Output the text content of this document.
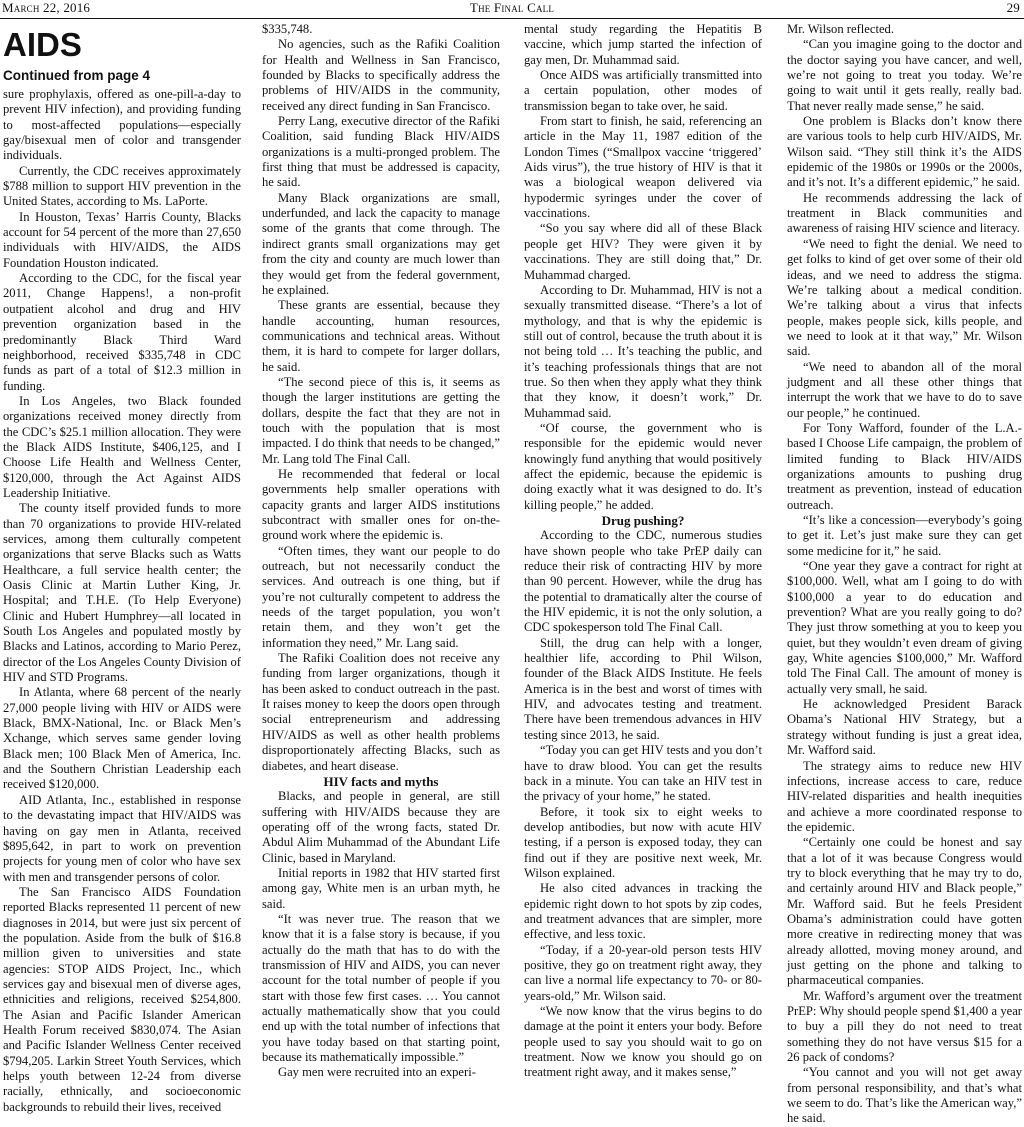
March 22, 2016	The Final Call	29
AIDS
Continued from page 4

sure prophylaxis, offered as one-pill-a-day to prevent HIV infection), and providing funding to most-affected populations—especially gay/bisexual men of color and transgender individuals.

Currently, the CDC receives approximately $788 million to support HIV prevention in the United States, according to Ms. LaPorte.

In Houston, Texas’ Harris County, Blacks account for 54 percent of the more than 27,650 individuals with HIV/AIDS, the AIDS Foundation Houston indicated.

According to the CDC, for the fiscal year 2011, Change Happens!, a non-profit outpatient alcohol and drug and HIV prevention organization based in the predominantly Black Third Ward neighborhood, received $335,748 in CDC funds as part of a total of $12.3 million in funding.

In Los Angeles, two Black founded organizations received money directly from the CDC’s $25.1 million allocation. They were the Black AIDS Institute, $406,125, and I Choose Life Health and Wellness Center, $120,000, through the Act Against AIDS Leadership Initiative.

The county itself provided funds to more than 70 organizations to provide HIV-related services, among them culturally competent organizations that serve Blacks such as Watts Healthcare, a full service health center; the Oasis Clinic at Martin Luther King, Jr. Hospital; and T.H.E. (To Help Everyone) Clinic and Hubert Humphrey—all located in South Los Angeles and populated mostly by Blacks and Latinos, according to Mario Perez, director of the Los Angeles County Division of HIV and STD Programs.

In Atlanta, where 68 percent of the nearly 27,000 people living with HIV or AIDS were Black, BMX-National, Inc. or Black Men’s Xchange, which serves same gender loving Black men; 100 Black Men of America, Inc. and the Southern Christian Leadership each received $120,000.

AID Atlanta, Inc., established in response to the devastating impact that HIV/AIDS was having on gay men in Atlanta, received $895,642, in part to work on prevention projects for young men of color who have sex with men and transgender persons of color.

The San Francisco AIDS Foundation reported Blacks represented 11 percent of new diagnoses in 2014, but were just six percent of the population. Aside from the bulk of $16.8 million given to universities and state agencies: STOP AIDS Project, Inc., which services gay and bisexual men of diverse ages, ethnicities and religions, received $254,800. The Asian and Pacific Islander American Health Forum received $830,074. The Asian and Pacific Islander Wellness Center received $794,205. Larkin Street Youth Services, which helps youth between 12-24 from diverse racially, ethnically, and socioeconomic backgrounds to rebuild their lives, received

$335,748.

No agencies, such as the Rafiki Coalition for Health and Wellness in San Francisco, founded by Blacks to specifically address the problems of HIV/AIDS in the community, received any direct funding in San Francisco.

Perry Lang, executive director of the Rafiki Coalition, said funding Black HIV/AIDS organizations is a multi-pronged problem. The first thing that must be addressed is capacity, he said.

Many Black organizations are small, underfunded, and lack the capacity to manage some of the grants that come through. The indirect grants small organizations may get from the city and county are much lower than they would get from the federal government, he explained.

These grants are essential, because they handle accounting, human resources, communications and technical areas. Without them, it is hard to compete for larger dollars, he said.

“The second piece of this is, it seems as though the larger institutions are getting the dollars, despite the fact that they are not in touch with the population that is most impacted. I do think that needs to be changed,” Mr. Lang told The Final Call.

He recommended that federal or local governments help smaller operations with capacity grants and larger AIDS institutions subcontract with smaller ones for on-the-ground work where the epidemic is.

“Often times, they want our people to do outreach, but not necessarily conduct the services. And outreach is one thing, but if you’re not culturally competent to address the needs of the target population, you won’t retain them, and they won’t get the information they need,” Mr. Lang said.

The Rafiki Coalition does not receive any funding from larger organizations, though it has been asked to conduct outreach in the past. It raises money to keep the doors open through social entrepreneurism and addressing HIV/AIDS as well as other health problems disproportionately affecting Blacks, such as diabetes, and heart disease.

HIV facts and myths

Blacks, and people in general, are still suffering with HIV/AIDS because they are operating off of the wrong facts, stated Dr. Abdul Alim Muhammad of the Abundant Life Clinic, based in Maryland.

Initial reports in 1982 that HIV started first among gay, White men is an urban myth, he said.

“It was never true. The reason that we know that it is a false story is because, if you actually do the math that has to do with the transmission of HIV and AIDS, you can never account for the total number of people if you start with those few first cases. … You cannot actually mathematically show that you could end up with the total number of infections that you have today based on that starting point, because its mathematically impossible.”

Gay men were recruited into an experi-

mental study regarding the Hepatitis B vaccine, which jump started the infection of gay men, Dr. Muhammad said.

Once AIDS was artificially transmitted into a certain population, other modes of transmission began to take over, he said.

From start to finish, he said, referencing an article in the May 11, 1987 edition of the London Times (“Smallpox vaccine ‘triggered’ Aids virus”), the true history of HIV is that it was a biological weapon delivered via hypodermic syringes under the cover of vaccinations.

“So you say where did all of these Black people get HIV? They were given it by vaccinations. They are still doing that,” Dr. Muhammad charged.

According to Dr. Muhammad, HIV is not a sexually transmitted disease. “There’s a lot of mythology, and that is why the epidemic is still out of control, because the truth about it is not being told … It’s teaching the public, and it’s teaching professionals things that are not true. So then when they apply what they think that they know, it doesn’t work,” Dr. Muhammad said.

“Of course, the government who is responsible for the epidemic would never knowingly fund anything that would positively affect the epidemic, because the epidemic is doing exactly what it was designed to do. It’s killing people,” he added.

Drug pushing?

According to the CDC, numerous studies have shown people who take PrEP daily can reduce their risk of contracting HIV by more than 90 percent. However, while the drug has the potential to dramatically alter the course of the HIV epidemic, it is not the only solution, a CDC spokesperson told The Final Call.

Still, the drug can help with a longer, healthier life, according to Phil Wilson, founder of the Black AIDS Institute. He feels America is in the best and worst of times with HIV, and advocates testing and treatment. There have been tremendous advances in HIV testing since 2013, he said.

“Today you can get HIV tests and you don’t have to draw blood. You can get the results back in a minute. You can take an HIV test in the privacy of your home,” he stated.

Before, it took six to eight weeks to develop antibodies, but now with acute HIV testing, if a person is exposed today, they can find out if they are positive next week, Mr. Wilson explained.

He also cited advances in tracking the epidemic right down to hot spots by zip codes, and treatment advances that are simpler, more effective, and less toxic.

“Today, if a 20-year-old person tests HIV positive, they go on treatment right away, they can live a normal life expectancy to 70- or 80-years-old,” Mr. Wilson said.

“We now know that the virus begins to do damage at the point it enters your body. Before people used to say you should wait to go on treatment. Now we know you should go on treatment right away, and it makes sense,”

Mr. Wilson reflected.

“Can you imagine going to the doctor and the doctor saying you have cancer, and well, we’re not going to treat you today. We’re going to wait until it gets really, really bad. That never really made sense,” he said.

One problem is Blacks don’t know there are various tools to help curb HIV/AIDS, Mr. Wilson said. “They still think it’s the AIDS epidemic of the 1980s or 1990s or the 2000s, and it’s not. It’s a different epidemic,” he said.

He recommends addressing the lack of treatment in Black communities and awareness of raising HIV science and literacy.

“We need to fight the denial. We need to get folks to kind of get over some of their old ideas, and we need to address the stigma. We’re talking about a medical condition. We’re talking about a virus that infects people, makes people sick, kills people, and we need to look at it that way,” Mr. Wilson said.

“We need to abandon all of the moral judgment and all these other things that interrupt the work that we have to do to save our people,” he continued.

For Tony Wafford, founder of the L.A.-based I Choose Life campaign, the problem of limited funding to Black HIV/AIDS organizations amounts to pushing drug treatment as prevention, instead of education outreach.

“It’s like a concession—everybody’s going to get it. Let’s just make sure they can get some medicine for it,” he said.

“One year they gave a contract for right at $100,000. Well, what am I going to do with $100,000 a year to do education and prevention? What are you really going to do? They just throw something at you to keep you quiet, but they wouldn’t even dream of giving gay, White agencies $100,000,” Mr. Wafford told The Final Call. The amount of money is actually very small, he said.

He acknowledged President Barack Obama’s National HIV Strategy, but a strategy without funding is just a great idea, Mr. Wafford said.

The strategy aims to reduce new HIV infections, increase access to care, reduce HIV-related disparities and health inequities and achieve a more coordinated response to the epidemic.

“Certainly one could be honest and say that a lot of it was because Congress would try to block everything that he may try to do, and certainly around HIV and Black people,” Mr. Wafford said. But he feels President Obama’s administration could have gotten more creative in redirecting money that was already allotted, moving money around, and just getting on the phone and talking to pharmaceutical companies.

Mr. Wafford’s argument over the treatment PrEP: Why should people spend $1,400 a year to buy a pill they do not need to treat something they do not have versus $15 for a 26 pack of condoms?

“You cannot and you will not get away from personal responsibility, and that’s what we seem to do. That’s like the American way,” he said.
